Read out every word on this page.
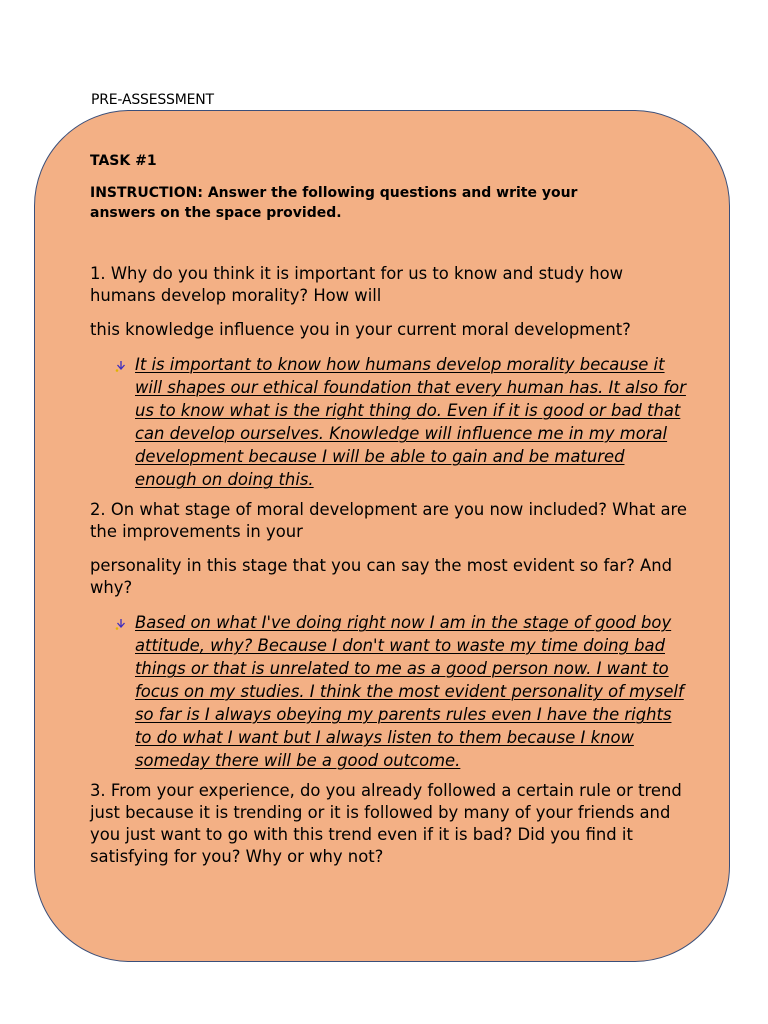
PRE-ASSESSMENT

TASK #1

INSTRUCTION: Answer the following questions and write your answers on the space provided.

1. Why do you think it is important for us to know and study how humans develop morality? How will

this knowledge influence you in your current moral development?

It is important to know how humans develop morality because it will shapes our ethical foundation that every human has. It also for us to know what is the right thing do. Even if it is good or bad that can develop ourselves. Knowledge will influence me in my moral development because I will be able to gain and be matured enough on doing this.

2. On what stage of moral development are you now included? What are the improvements in your

personality in this stage that you can say the most evident so far? And why?

Based on what I've doing right now I am in the stage of good boy attitude, why? Because I don't want to waste my time doing bad things or that is unrelated to me as a good person now. I want to focus on my studies. I think the most evident personality of myself so far is I always obeying my parents rules even I have the rights to do what I want but I always listen to them because I know someday there will be a good outcome.

3. From your experience, do you already followed a certain rule or trend just because it is trending or it is followed by many of your friends and you just want to go with this trend even if it is bad? Did you find it satisfying for you? Why or why not?
